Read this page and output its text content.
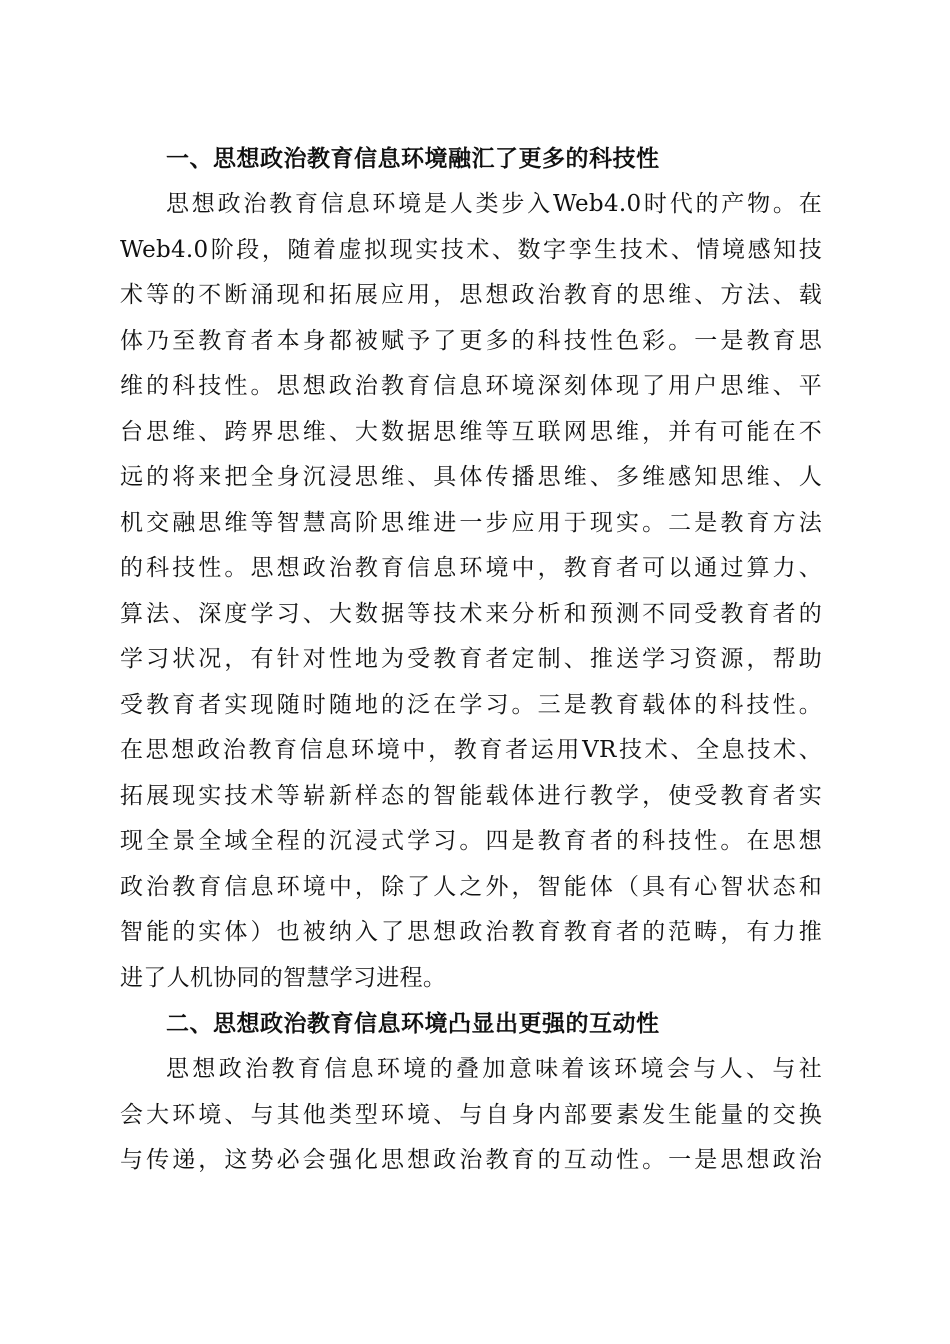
一、思想政治教育信息环境融汇了更多的科技性
思想政治教育信息环境是人类步入Web4.0时代的产物。在
Web4.0阶段，随着虚拟现实技术、数字孪生技术、情境感知技
术等的不断涌现和拓展应用，思想政治教育的思维、方法、载
体乃至教育者本身都被赋予了更多的科技性色彩。一是教育思
维的科技性。思想政治教育信息环境深刻体现了用户思维、平
台思维、跨界思维、大数据思维等互联网思维，并有可能在不
远的将来把全身沉浸思维、具体传播思维、多维感知思维、人
机交融思维等智慧高阶思维进一步应用于现实。二是教育方法
的科技性。思想政治教育信息环境中，教育者可以通过算力、
算法、深度学习、大数据等技术来分析和预测不同受教育者的
学习状况，有针对性地为受教育者定制、推送学习资源，帮助
受教育者实现随时随地的泛在学习。三是教育载体的科技性。
在思想政治教育信息环境中，教育者运用VR技术、全息技术、
拓展现实技术等崭新样态的智能载体进行教学，使受教育者实
现全景全域全程的沉浸式学习。四是教育者的科技性。在思想
政治教育信息环境中，除了人之外，智能体（具有心智状态和
智能的实体）也被纳入了思想政治教育教育者的范畴，有力推
进了人机协同的智慧学习进程。
二、思想政治教育信息环境凸显出更强的互动性
思想政治教育信息环境的叠加意味着该环境会与人、与社
会大环境、与其他类型环境、与自身内部要素发生能量的交换
与传递，这势必会强化思想政治教育的互动性。一是思想政治
